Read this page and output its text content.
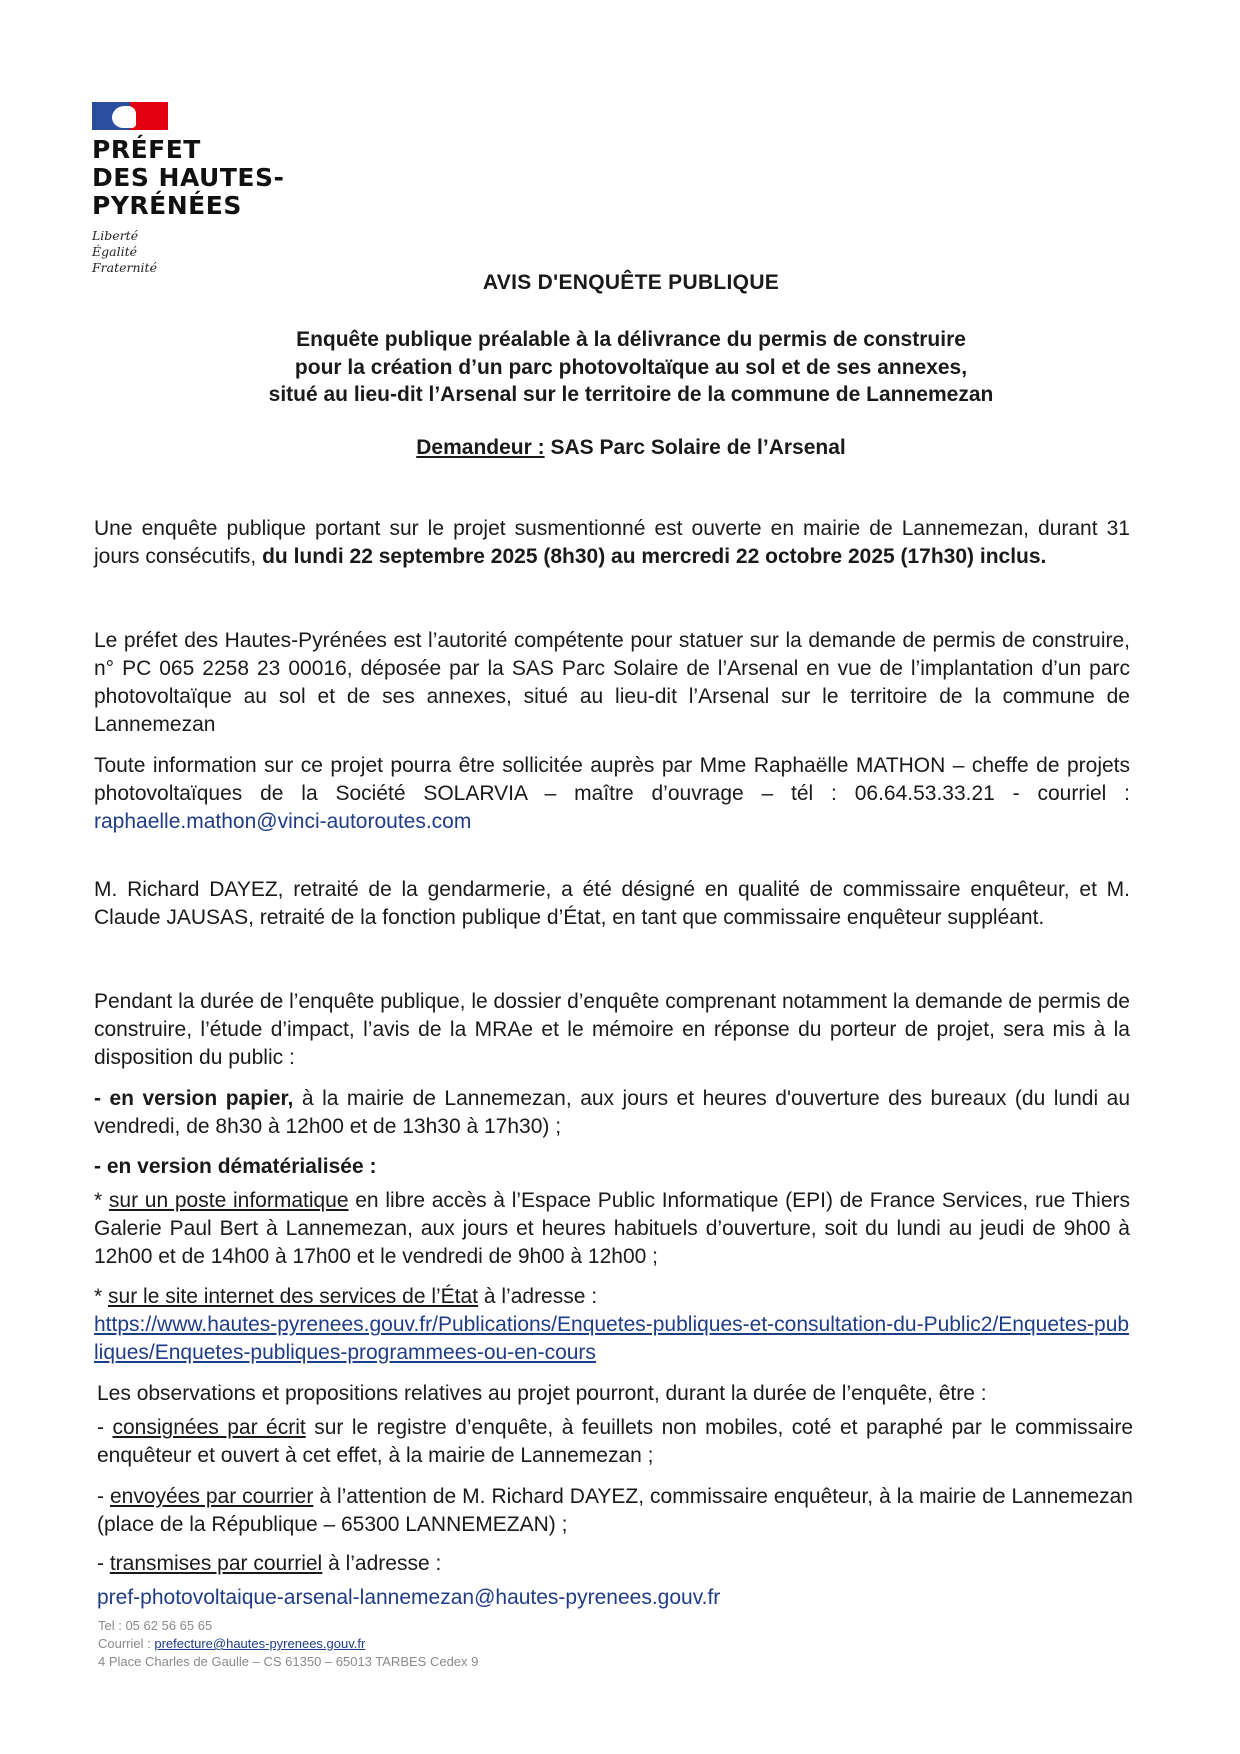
PRÉFET
DES HAUTES-
PYRÉNÉES
Liberté
Égalité
Fraternité
AVIS D'ENQUÊTE PUBLIQUE
Enquête publique préalable à la délivrance du permis de construire
pour la création d’un parc photovoltaïque au sol et de ses annexes,
situé au lieu-dit l’Arsenal sur le territoire de la commune de Lannemezan
Demandeur : SAS Parc Solaire de l’Arsenal
Une enquête publique portant sur le projet susmentionné est ouverte en mairie de Lannemezan, durant 31 jours consécutifs, du lundi 22 septembre 2025 (8h30) au mercredi 22 octobre 2025 (17h30) inclus.
Le préfet des Hautes-Pyrénées est l’autorité compétente pour statuer sur la demande de permis de construire, n° PC 065 2258 23 00016, déposée par la SAS Parc Solaire de l’Arsenal en vue de l’implantation d’un parc photovoltaïque au sol et de ses annexes, situé au lieu-dit l’Arsenal sur le territoire de la commune de Lannemezan
Toute information sur ce projet pourra être sollicitée auprès par Mme Raphaëlle MATHON – cheffe de projets photovoltaïques de la Société SOLARVIA – maître d’ouvrage – tél : 06.64.53.33.21 - courriel : raphaelle.mathon@vinci-autoroutes.com
M. Richard DAYEZ, retraité de la gendarmerie, a été désigné en qualité de commissaire enquêteur, et M. Claude JAUSAS, retraité de la fonction publique d’État, en tant que commissaire enquêteur suppléant.
Pendant la durée de l’enquête publique, le dossier d’enquête comprenant notamment la demande de permis de construire, l’étude d’impact, l’avis de la MRAe et le mémoire en réponse du porteur de projet, sera mis à la disposition du public :
- en version papier, à la mairie de Lannemezan, aux jours et heures d'ouverture des bureaux (du lundi au vendredi, de 8h30 à 12h00 et de 13h30 à 17h30) ;
- en version dématérialisée :
* sur un poste informatique en libre accès à l’Espace Public Informatique (EPI) de France Services, rue Thiers Galerie Paul Bert à Lannemezan, aux jours et heures habituels d’ouverture, soit du lundi au jeudi de 9h00 à 12h00 et de 14h00 à 17h00 et le vendredi de 9h00 à 12h00 ;
* sur le site internet des services de l’État à l’adresse :
https://www.hautes-pyrenees.gouv.fr/Publications/Enquetes-publiques-et-consultation-du-Public2/Enquetes-publiques/Enquetes-publiques-programmees-ou-en-cours
Les observations et propositions relatives au projet pourront, durant la durée de l’enquête, être :
- consignées par écrit sur le registre d’enquête, à feuillets non mobiles, coté et paraphé par le commissaire enquêteur et ouvert à cet effet, à la mairie de Lannemezan ;
- envoyées par courrier à l’attention de M. Richard DAYEZ, commissaire enquêteur, à la mairie de Lannemezan (place de la République – 65300 LANNEMEZAN) ;
- transmises par courriel à l’adresse :
pref-photovoltaique-arsenal-lannemezan@hautes-pyrenees.gouv.fr
Tel : 05 62 56 65 65
Courriel : prefecture@hautes-pyrenees.gouv.fr
4 Place Charles de Gaulle – CS 61350 – 65013 TARBES Cedex 9
